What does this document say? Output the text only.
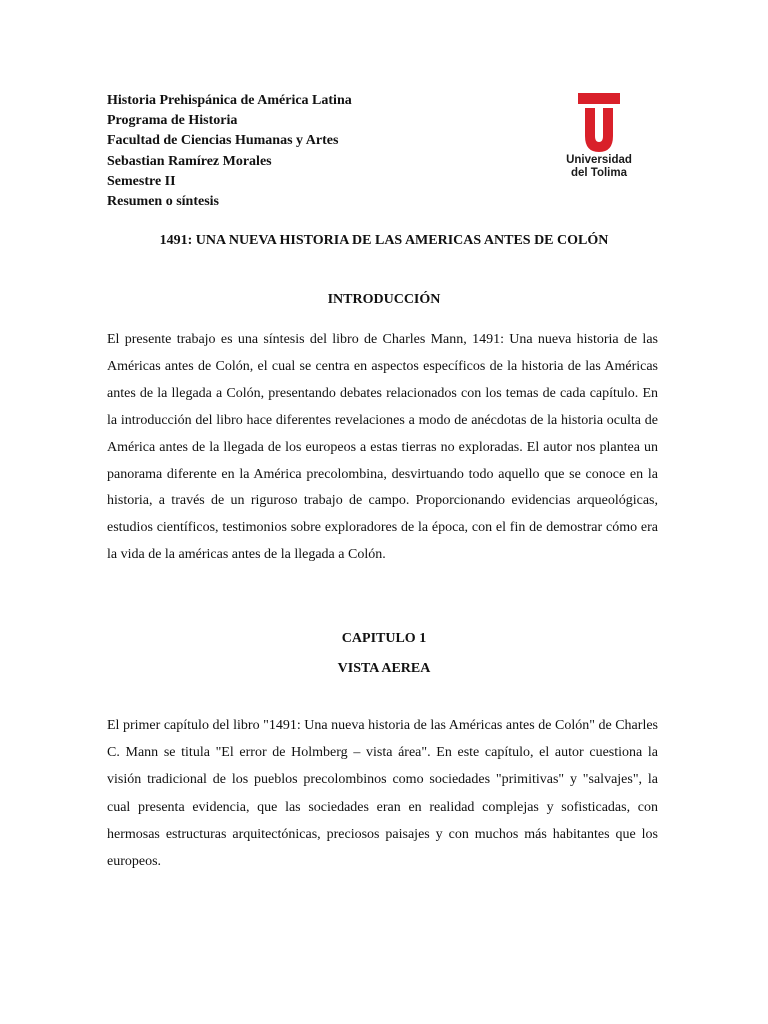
Historia Prehispánica de América Latina
Programa de Historia
Facultad de Ciencias Humanas y Artes
Sebastian Ramírez Morales
Semestre II
Resumen o síntesis
Universidad
del Tolima
1491: UNA NUEVA HISTORIA DE LAS AMERICAS ANTES DE COLÓN
INTRODUCCIÓN
El presente trabajo es una síntesis del libro de Charles Mann, 1491: Una nueva historia de las Américas antes de Colón, el cual se centra en aspectos específicos de la historia de las Américas antes de la llegada a Colón, presentando debates relacionados con los temas de cada capítulo. En la introducción del libro hace diferentes revelaciones a modo de anécdotas de la historia oculta de América antes de la llegada de los europeos a estas tierras no exploradas. El autor nos plantea un panorama diferente en la América precolombina, desvirtuando todo aquello que se conoce en la historia, a través de un riguroso trabajo de campo. Proporcionando evidencias arqueológicas, estudios científicos, testimonios sobre exploradores de la época, con el fin de demostrar cómo era la vida de la américas antes de la llegada a Colón.
CAPITULO 1
VISTA AEREA
El primer capítulo del libro "1491: Una nueva historia de las Américas antes de Colón" de Charles C. Mann se titula "El error de Holmberg – vista área". En este capítulo, el autor cuestiona la visión tradicional de los pueblos precolombinos como sociedades "primitivas" y "salvajes", la cual presenta evidencia, que las sociedades eran en realidad complejas y sofisticadas, con hermosas estructuras arquitectónicas, preciosos paisajes y con muchos más habitantes que los europeos.
